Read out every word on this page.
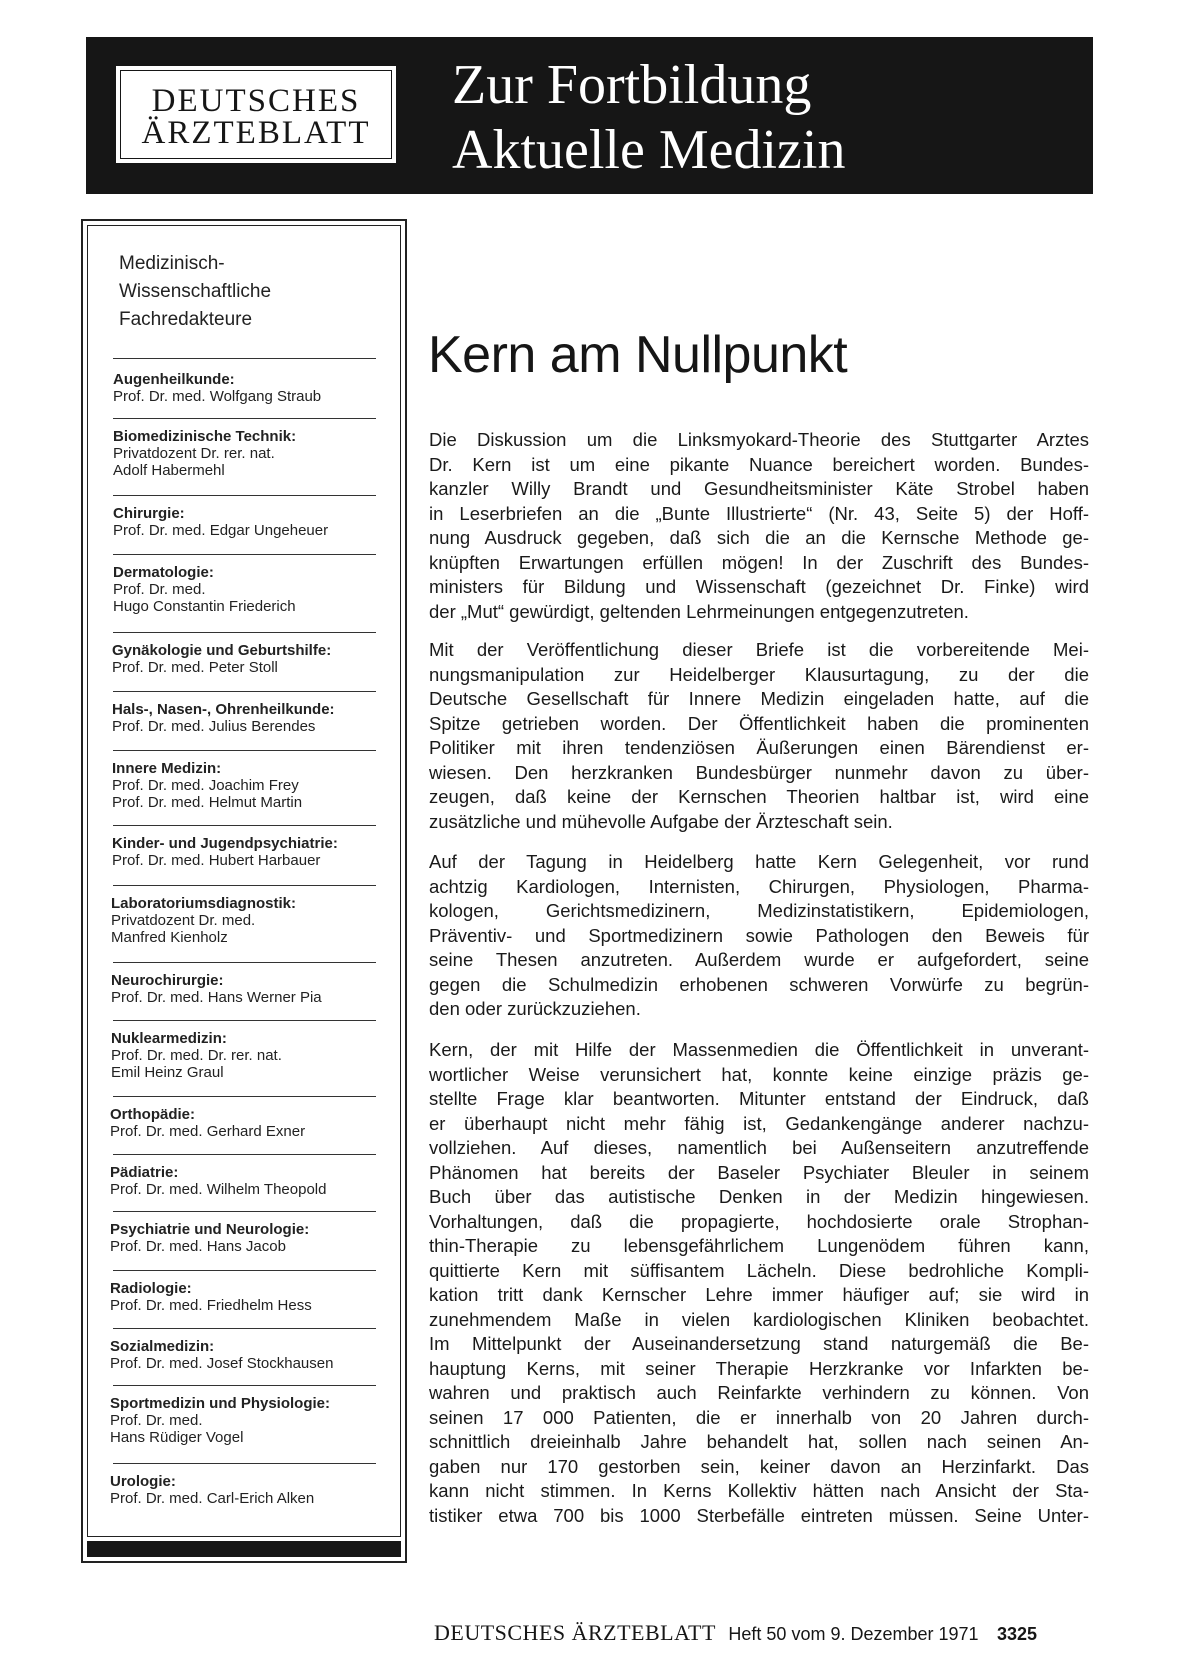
DEUTSCHES
ÄRZTEBLATT
Zur Fortbildung
Aktuelle Medizin
Medizinisch-
Wissenschaftliche
Fachredakteure
Augenheilkunde:
Prof. Dr. med. Wolfgang Straub
Biomedizinische Technik:
Privatdozent Dr. rer. nat.
Adolf Habermehl
Chirurgie:
Prof. Dr. med. Edgar Ungeheuer
Dermatologie:
Prof. Dr. med.
Hugo Constantin Friederich
Gynäkologie und Geburtshilfe:
Prof. Dr. med. Peter Stoll
Hals-, Nasen-, Ohrenheilkunde:
Prof. Dr. med. Julius Berendes
Innere Medizin:
Prof. Dr. med. Joachim Frey
Prof. Dr. med. Helmut Martin
Kinder- und Jugendpsychiatrie:
Prof. Dr. med. Hubert Harbauer
Laboratoriumsdiagnostik:
Privatdozent Dr. med.
Manfred Kienholz
Neurochirurgie:
Prof. Dr. med. Hans Werner Pia
Nuklearmedizin:
Prof. Dr. med. Dr. rer. nat.
Emil Heinz Graul
Orthopädie:
Prof. Dr. med. Gerhard Exner
Pädiatrie:
Prof. Dr. med. Wilhelm Theopold
Psychiatrie und Neurologie:
Prof. Dr. med. Hans Jacob
Radiologie:
Prof. Dr. med. Friedhelm Hess
Sozialmedizin:
Prof. Dr. med. Josef Stockhausen
Sportmedizin und Physiologie:
Prof. Dr. med.
Hans Rüdiger Vogel
Urologie:
Prof. Dr. med. Carl-Erich Alken
Kern am Nullpunkt
Die Diskussion um die Linksmyokard-Theorie des Stuttgarter Arztes
Dr. Kern ist um eine pikante Nuance bereichert worden. Bundes-
kanzler Willy Brandt und Gesundheitsminister Käte Strobel haben
in Leserbriefen an die „Bunte Illustrierte“ (Nr. 43, Seite 5) der Hoff-
nung Ausdruck gegeben, daß sich die an die Kernsche Methode ge-
knüpften Erwartungen erfüllen mögen! In der Zuschrift des Bundes-
ministers für Bildung und Wissenschaft (gezeichnet Dr. Finke) wird
der „Mut“ gewürdigt, geltenden Lehrmeinungen entgegenzutreten.
Mit der Veröffentlichung dieser Briefe ist die vorbereitende Mei-
nungsmanipulation zur Heidelberger Klausurtagung, zu der die
Deutsche Gesellschaft für Innere Medizin eingeladen hatte, auf die
Spitze getrieben worden. Der Öffentlichkeit haben die prominenten
Politiker mit ihren tendenziösen Äußerungen einen Bärendienst er-
wiesen. Den herzkranken Bundesbürger nunmehr davon zu über-
zeugen, daß keine der Kernschen Theorien haltbar ist, wird eine
zusätzliche und mühevolle Aufgabe der Ärzteschaft sein.
Auf der Tagung in Heidelberg hatte Kern Gelegenheit, vor rund
achtzig Kardiologen, Internisten, Chirurgen, Physiologen, Pharma-
kologen, Gerichtsmedizinern, Medizinstatistikern, Epidemiologen,
Präventiv- und Sportmedizinern sowie Pathologen den Beweis für
seine Thesen anzutreten. Außerdem wurde er aufgefordert, seine
gegen die Schulmedizin erhobenen schweren Vorwürfe zu begrün-
den oder zurückzuziehen.
Kern, der mit Hilfe der Massenmedien die Öffentlichkeit in unverant-
wortlicher Weise verunsichert hat, konnte keine einzige präzis ge-
stellte Frage klar beantworten. Mitunter entstand der Eindruck, daß
er überhaupt nicht mehr fähig ist, Gedankengänge anderer nachzu-
vollziehen. Auf dieses, namentlich bei Außenseitern anzutreffende
Phänomen hat bereits der Baseler Psychiater Bleuler in seinem
Buch über das autistische Denken in der Medizin hingewiesen.
Vorhaltungen, daß die propagierte, hochdosierte orale Strophan-
thin-Therapie zu lebensgefährlichem Lungenödem führen kann,
quittierte Kern mit süffisantem Lächeln. Diese bedrohliche Kompli-
kation tritt dank Kernscher Lehre immer häufiger auf; sie wird in
zunehmendem Maße in vielen kardiologischen Kliniken beobachtet.
Im Mittelpunkt der Auseinandersetzung stand naturgemäß die Be-
hauptung Kerns, mit seiner Therapie Herzkranke vor Infarkten be-
wahren und praktisch auch Reinfarkte verhindern zu können. Von
seinen 17 000 Patienten, die er innerhalb von 20 Jahren durch-
schnittlich dreieinhalb Jahre behandelt hat, sollen nach seinen An-
gaben nur 170 gestorben sein, keiner davon an Herzinfarkt. Das
kann nicht stimmen. In Kerns Kollektiv hätten nach Ansicht der Sta-
tistiker etwa 700 bis 1000 Sterbefälle eintreten müssen. Seine Unter-
DEUTSCHES ÄRZTEBLATT Heft 50 vom 9. Dezember 1971 3325
